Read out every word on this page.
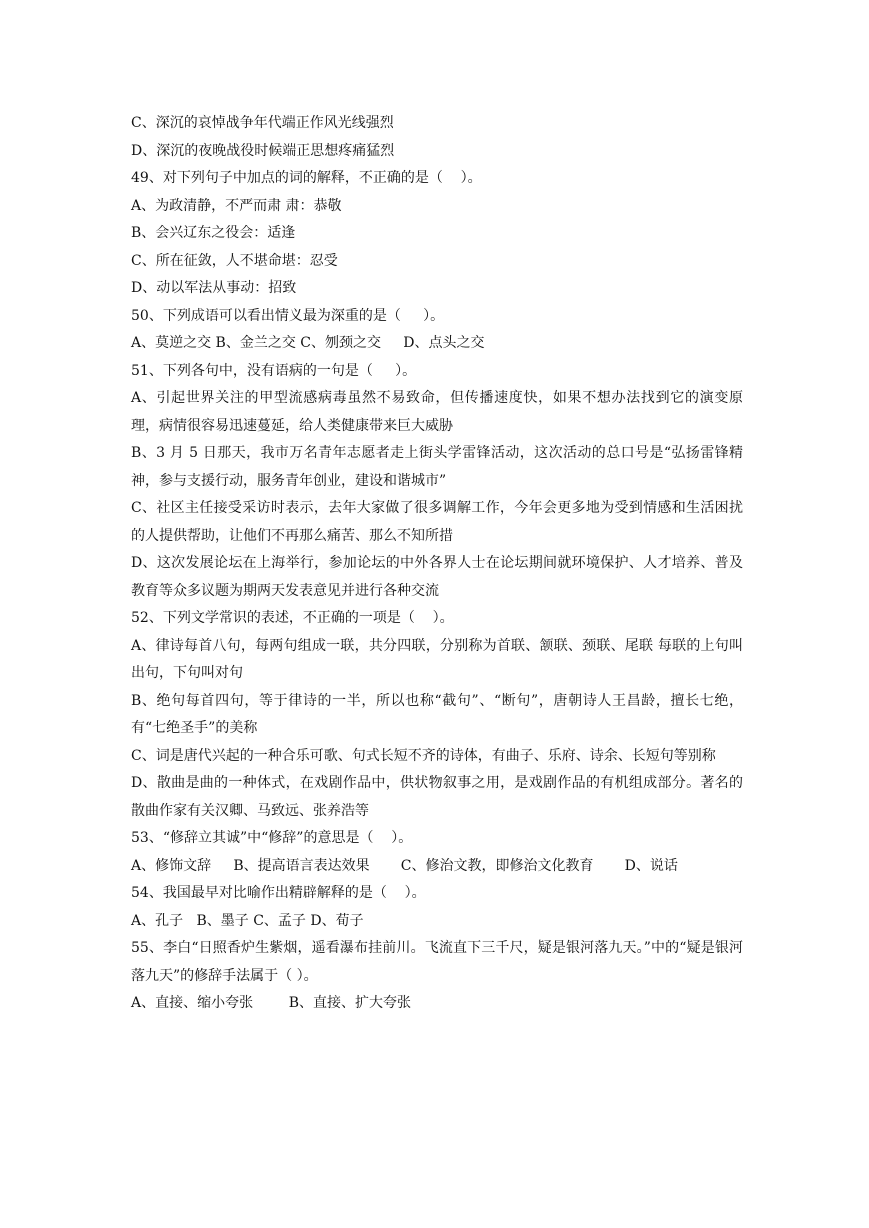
C、深沉的哀悼战争年代端正作风光线强烈
D、深沉的夜晚战役时候端正思想疼痛猛烈
49、对下列句子中加点的词的解释，不正确的是（    ）。
A、为政清静，不严而肃 肃：恭敬
B、会兴辽东之役会：适逢
C、所在征敛，人不堪命堪：忍受
D、动以军法从事动：招致
50、下列成语可以看出情义最为深重的是（     ）。
A、莫逆之交 B、金兰之交 C、刎颈之交     D、点头之交
51、下列各句中，没有语病的一句是（     ）。
A、引起世界关注的甲型流感病毒虽然不易致命，但传播速度快，如果不想办法找到它的演变原理，病情很容易迅速蔓延，给人类健康带来巨大威胁
B、3 月 5 日那天，我市万名青年志愿者走上街头学雷锋活动，这次活动的总口号是“弘扬雷锋精神，参与支援行动，服务青年创业，建设和谐城市”
C、社区主任接受采访时表示，去年大家做了很多调解工作，今年会更多地为受到情感和生活困扰的人提供帮助，让他们不再那么痛苦、那么不知所措
D、这次发展论坛在上海举行，参加论坛的中外各界人士在论坛期间就环境保护、人才培养、普及教育等众多议题为期两天发表意见并进行各种交流
52、下列文学常识的表述，不正确的一项是（    ）。
A、律诗每首八句，每两句组成一联，共分四联，分别称为首联、颔联、颈联、尾联 每联的上句叫出句，下句叫对句
B、绝句每首四句，等于律诗的一半，所以也称“截句”、“断句”，唐朝诗人王昌龄，擅长七绝，有“七绝圣手”的美称
C、词是唐代兴起的一种合乐可歌、句式长短不齐的诗体，有曲子、乐府、诗余、长短句等别称
D、散曲是曲的一种体式，在戏剧作品中，供状物叙事之用，是戏剧作品的有机组成部分。著名的散曲作家有关汉卿、马致远、张养浩等
53、“修辞立其诚”中“修辞”的意思是（    ）。
A、修饰文辞     B、提高语言表达效果       C、修治文教，即修治文化教育       D、说话
54、我国最早对比喻作出精辟解释的是（    ）。
A、孔子   B、墨子 C、孟子 D、荀子
55、李白“日照香炉生紫烟，遥看瀑布挂前川。飞流直下三千尺，疑是银河落九天。”中的“疑是银河落九天”的修辞手法属于（ ）。
A、直接、缩小夸张        B、直接、扩大夸张
